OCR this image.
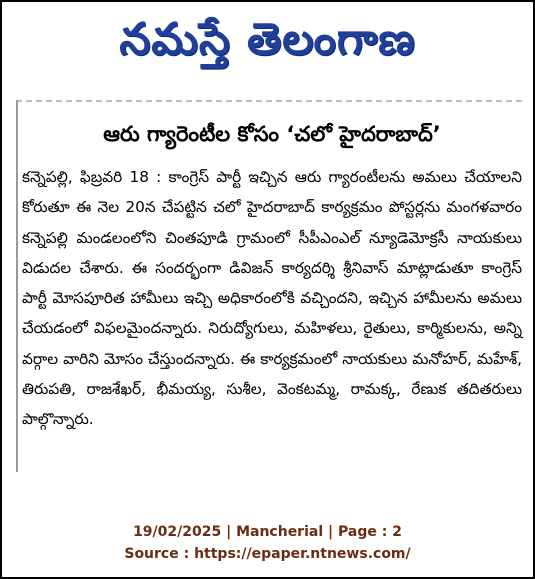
నమస్తే తెలంగాణ
ఆరు గ్యారెంటీల కోసం ‘చలో హైదరాబాద్’

కన్నెపల్లి, ఫిబ్రవరి 18 : కాంగ్రెస్ పార్టీ ఇచ్చిన ఆరు గ్యారంటీలను అమలు చేయాలని కోరుతూ ఈ నెల 20న చేపట్టిన చలో హైదరాబాద్ కార్యక్రమం పోస్టర్లను మంగళవారం కన్నెపల్లి మండలంలోని చింతపూడి గ్రామంలో సీపీఎంఎల్ న్యూడెమోక్రసీ నాయకులు విడుదల చేశారు. ఈ సందర్భంగా డివిజన్ కార్యదర్శి శ్రీనివాస్ మాట్లాడుతూ కాంగ్రెస్ పార్టీ మోసపూరిత హామీలు ఇచ్చి అధికారంలోకి వచ్చిందని, ఇచ్చిన హామీలను అమలు చేయడంలో విఫలమైందన్నారు. నిరుద్యోగులు, మహిళలు, రైతులు, కార్మికులను, అన్ని వర్గాల వారిని మోసం చేస్తుందన్నారు. ఈ కార్యక్రమంలో నాయకులు మనోహర్, మహేశ్, తిరుపతి, రాజశేఖర్, భీమయ్య, సుశీల, వెంకటమ్మ, రామక్క, రేణుక తదితరులు పాల్గొన్నారు.

19/02/2025 | Mancherial | Page : 2
Source : https://epaper.ntnews.com/
